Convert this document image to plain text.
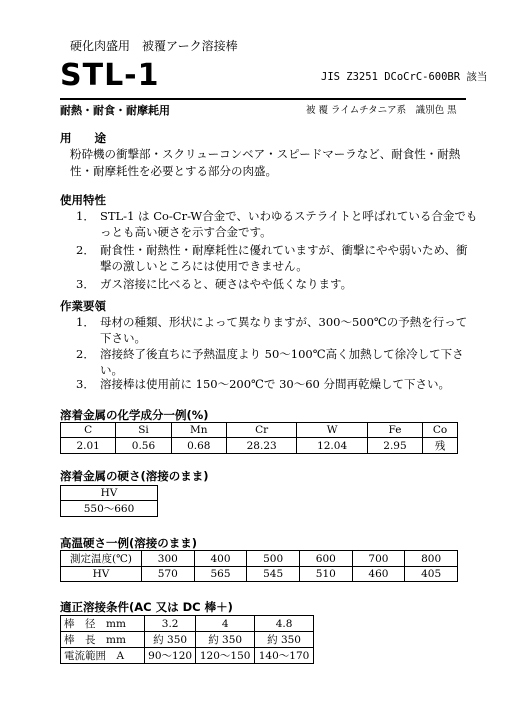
硬化肉盛用　被覆アーク溶接棒
STL-1	JIS Z3251 DCoCrC-600BR 該当
耐熱・耐食・耐摩耗用	被 覆 ライムチタニア系　識別色 黒
用　　途
粉砕機の衝撃部・スクリューコンベア・スピードマーラなど、耐食性・耐熱性・耐摩耗性を必要とする部分の肉盛。
使用特性
1． STL-1 は Co-Cr-W合金で、いわゆるステライトと呼ばれている合金でもっとも高い硬さを示す合金です。
2． 耐食性・耐熱性・耐摩耗性に優れていますが、衝撃にやや弱いため、衝撃の激しいところには使用できません。
3． ガス溶接に比べると、硬さはやや低くなります。
作業要領
1． 母材の種類、形状によって異なりますが、300～500℃の予熱を行って下さい。
2． 溶接終了後直ちに予熱温度より 50～100℃高く加熱して徐冷して下さい。
3． 溶接棒は使用前に 150～200℃で 30～60 分間再乾燥して下さい。
溶着金属の化学成分一例(%)
C	Si	Mn	Cr	W	Fe	Co
2.01	0.56	0.68	28.23	12.04	2.95	残
溶着金属の硬さ(溶接のまま)
HV
550～660
高温硬さ一例(溶接のまま)
測定温度(℃)	300	400	500	600	700	800
HV	570	565	545	510	460	405
適正溶接条件(AC 又は DC 棒＋)
棒　径　mm	3.2	4	4.8
棒　長　mm	約 350	約 350	約 350
電流範囲　A	90～120	120～150	140～170
